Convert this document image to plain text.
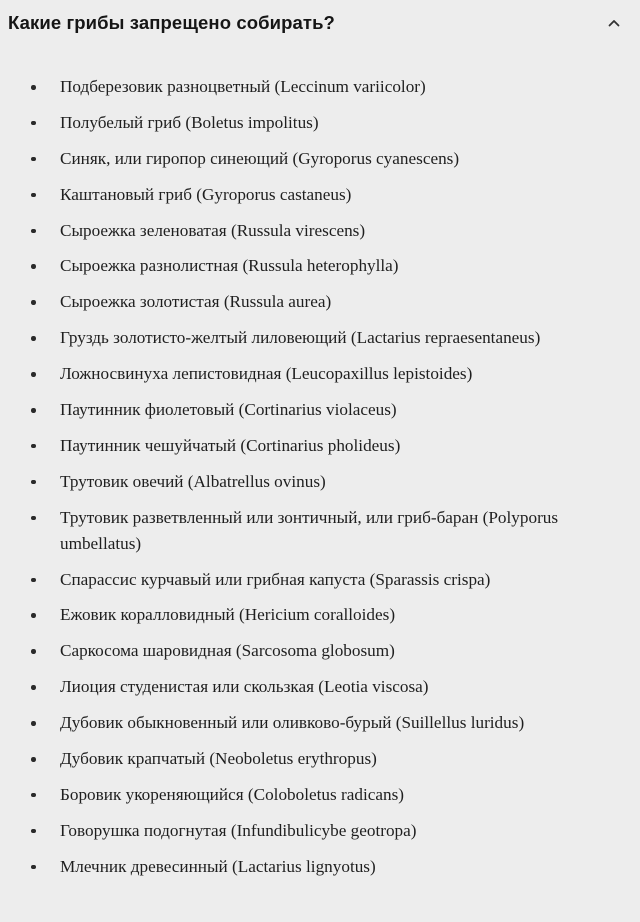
Какие грибы запрещено собирать?
Подберезовик разноцветный (Leccinum variicolor)
Полубелый гриб (Boletus impolitus)
Синяк, или гиропор синеющий (Gyroporus cyanescens)
Каштановый гриб (Gyroporus castaneus)
Сыроежка зеленоватая (Russula virescens)
Сыроежка разнолистная (Russula heterophylla)
Сыроежка золотистая (Russula aurea)
Груздь золотисто-желтый лиловеющий (Lactarius repraesentaneus)
Ложносвинуха лепистовидная (Leucopaxillus lepistoides)
Паутинник фиолетовый (Cortinarius violaceus)
Паутинник чешуйчатый (Cortinarius pholideus)
Трутовик овечий (Albatrellus ovinus)
Трутовик разветвленный или зонтичный, или гриб-баран (Polyporus umbellatus)
Спарассис курчавый или грибная капуста (Sparassis crispa)
Ежовик коралловидный (Hericium coralloides)
Саркосома шаровидная (Sarcosoma globosum)
Лиоция студенистая или скользкая (Leotia viscosa)
Дубовик обыкновенный или оливково-бурый (Suillellus luridus)
Дубовик крапчатый (Neoboletus erythropus)
Боровик укореняющийся (Coloboletus radicans)
Говорушка подогнутая (Infundibulicybe geotropa)
Млечник древесинный (Lactarius lignyotus)
